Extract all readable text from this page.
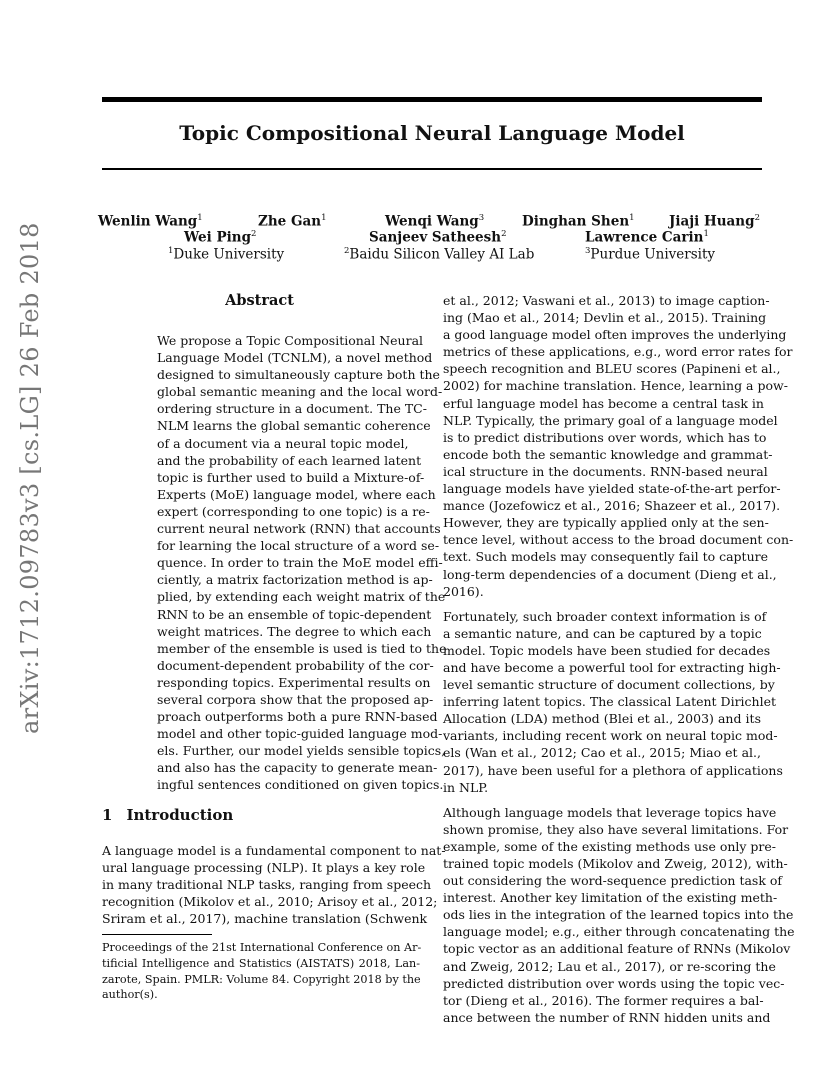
Topic Compositional Neural Language Model
arXiv:1712.09783v3 [cs.LG] 26 Feb 2018
Wenlin Wang$^1$	Zhe Gan$^1$	Wenqi Wang$^3$	Dinghan Shen$^1$	Jiaji Huang$^2$
Wei Ping$^2$	Sanjeev Satheesh$^2$	Lawrence Carin$^1$
$^1$Duke University	$^2$Baidu Silicon Valley AI Lab	$^3$Purdue University
Abstract
We propose a Topic Compositional Neural
Language Model (TCNLM), a novel method
designed to simultaneously capture both the
global semantic meaning and the local word-
ordering structure in a document. The TC-
NLM learns the global semantic coherence
of a document via a neural topic model,
and the probability of each learned latent
topic is further used to build a Mixture-of-
Experts (MoE) language model, where each
expert (corresponding to one topic) is a re-
current neural network (RNN) that accounts
for learning the local structure of a word se-
quence. In order to train the MoE model effi-
ciently, a matrix factorization method is ap-
plied, by extending each weight matrix of the
RNN to be an ensemble of topic-dependent
weight matrices. The degree to which each
member of the ensemble is used is tied to the
document-dependent probability of the cor-
responding topics. Experimental results on
several corpora show that the proposed ap-
proach outperforms both a pure RNN-based
model and other topic-guided language mod-
els. Further, our model yields sensible topics,
and also has the capacity to generate mean-
ingful sentences conditioned on given topics.
1 Introduction
A language model is a fundamental component to nat-
ural language processing (NLP). It plays a key role
in many traditional NLP tasks, ranging from speech
recognition (Mikolov et al., 2010; Arisoy et al., 2012;
Sriram et al., 2017), machine translation (Schwenk
Proceedings of the 21st International Conference on Ar-
tificial Intelligence and Statistics (AISTATS) 2018, Lan-
zarote, Spain. PMLR: Volume 84. Copyright 2018 by the
author(s).
et al., 2012; Vaswani et al., 2013) to image caption-
ing (Mao et al., 2014; Devlin et al., 2015). Training
a good language model often improves the underlying
metrics of these applications, e.g., word error rates for
speech recognition and BLEU scores (Papineni et al.,
2002) for machine translation. Hence, learning a pow-
erful language model has become a central task in
NLP. Typically, the primary goal of a language model
is to predict distributions over words, which has to
encode both the semantic knowledge and grammat-
ical structure in the documents. RNN-based neural
language models have yielded state-of-the-art perfor-
mance (Jozefowicz et al., 2016; Shazeer et al., 2017).
However, they are typically applied only at the sen-
tence level, without access to the broad document con-
text. Such models may consequently fail to capture
long-term dependencies of a document (Dieng et al.,
2016).
Fortunately, such broader context information is of
a semantic nature, and can be captured by a topic
model. Topic models have been studied for decades
and have become a powerful tool for extracting high-
level semantic structure of document collections, by
inferring latent topics. The classical Latent Dirichlet
Allocation (LDA) method (Blei et al., 2003) and its
variants, including recent work on neural topic mod-
els (Wan et al., 2012; Cao et al., 2015; Miao et al.,
2017), have been useful for a plethora of applications
in NLP.
Although language models that leverage topics have
shown promise, they also have several limitations. For
example, some of the existing methods use only pre-
trained topic models (Mikolov and Zweig, 2012), with-
out considering the word-sequence prediction task of
interest. Another key limitation of the existing meth-
ods lies in the integration of the learned topics into the
language model; e.g., either through concatenating the
topic vector as an additional feature of RNNs (Mikolov
and Zweig, 2012; Lau et al., 2017), or re-scoring the
predicted distribution over words using the topic vec-
tor (Dieng et al., 2016). The former requires a bal-
ance between the number of RNN hidden units and
